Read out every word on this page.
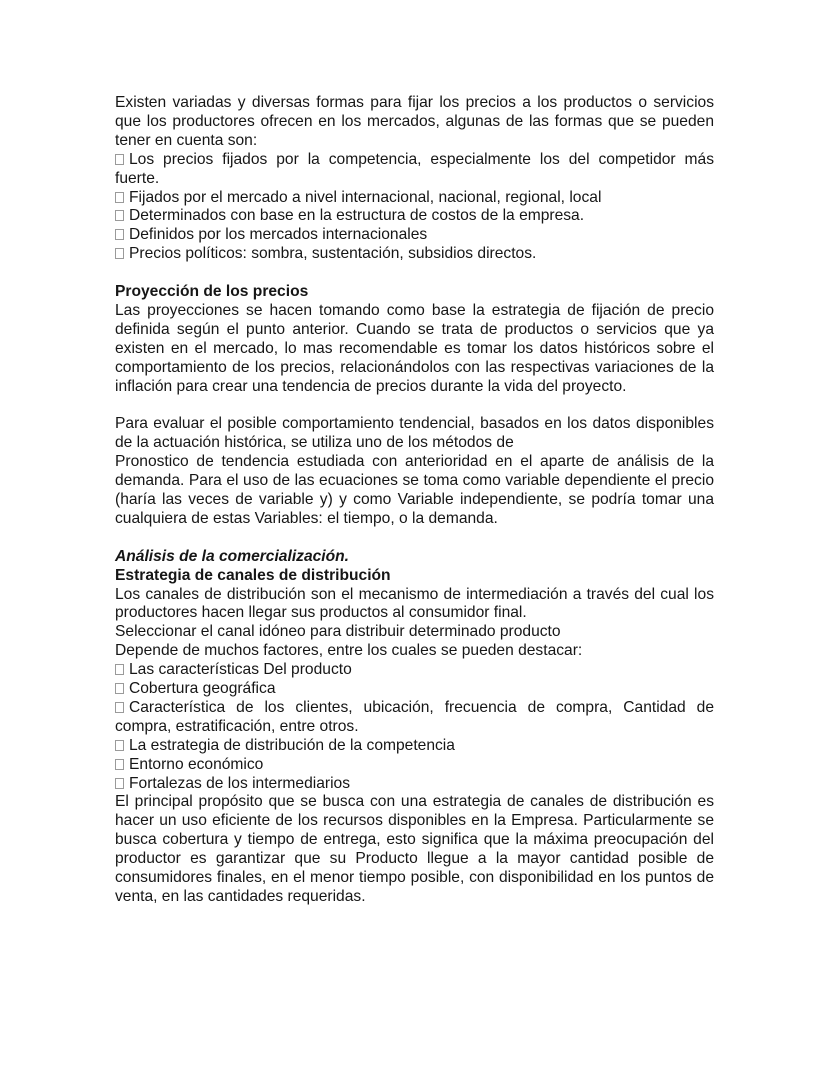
Existen variadas y diversas formas para fijar los precios a los productos o servicios que los productores ofrecen en los mercados, algunas de las formas que se pueden tener en cuenta son:

Los precios fijados por la competencia, especialmente los del competidor más fuerte.
Fijados por el mercado a nivel internacional, nacional, regional, local
Determinados con base en la estructura de costos de la empresa.
Definidos por los mercados internacionales
Precios políticos: sombra, sustentación, subsidios directos.

Proyección de los precios

Las proyecciones se hacen tomando como base la estrategia de fijación de precio definida según el punto anterior. Cuando se trata de productos o servicios que ya existen en el mercado, lo mas recomendable es tomar los datos históricos sobre el comportamiento de los precios, relacionándolos con las respectivas variaciones de la inflación para crear una tendencia de precios durante la vida del proyecto.

Para evaluar el posible comportamiento tendencial, basados en los datos disponibles de la actuación histórica, se utiliza uno de los métodos de

Pronostico de tendencia estudiada con anterioridad en el aparte de análisis de la demanda. Para el uso de las ecuaciones se toma como variable dependiente el precio (haría las veces de variable y) y como Variable independiente, se podría tomar una cualquiera de estas Variables: el tiempo, o la demanda.

Análisis de la comercialización.

Estrategia de canales de distribución

Los canales de distribución son el mecanismo de intermediación a través del cual los productores hacen llegar sus productos al consumidor final.

Seleccionar el canal idóneo para distribuir determinado producto

Depende de muchos factores, entre los cuales se pueden destacar:

Las características Del producto
Cobertura geográfica
Característica de los clientes, ubicación, frecuencia de compra, Cantidad de compra, estratificación, entre otros.
La estrategia de distribución de la competencia
Entorno económico
Fortalezas de los intermediarios

El principal propósito que se busca con una estrategia de canales de distribución es hacer un uso eficiente de los recursos disponibles en la Empresa. Particularmente se busca cobertura y tiempo de entrega, esto significa que la máxima preocupación del productor es garantizar que su Producto llegue a la mayor cantidad posible de consumidores finales, en el menor tiempo posible, con disponibilidad en los puntos de venta, en las cantidades requeridas.
